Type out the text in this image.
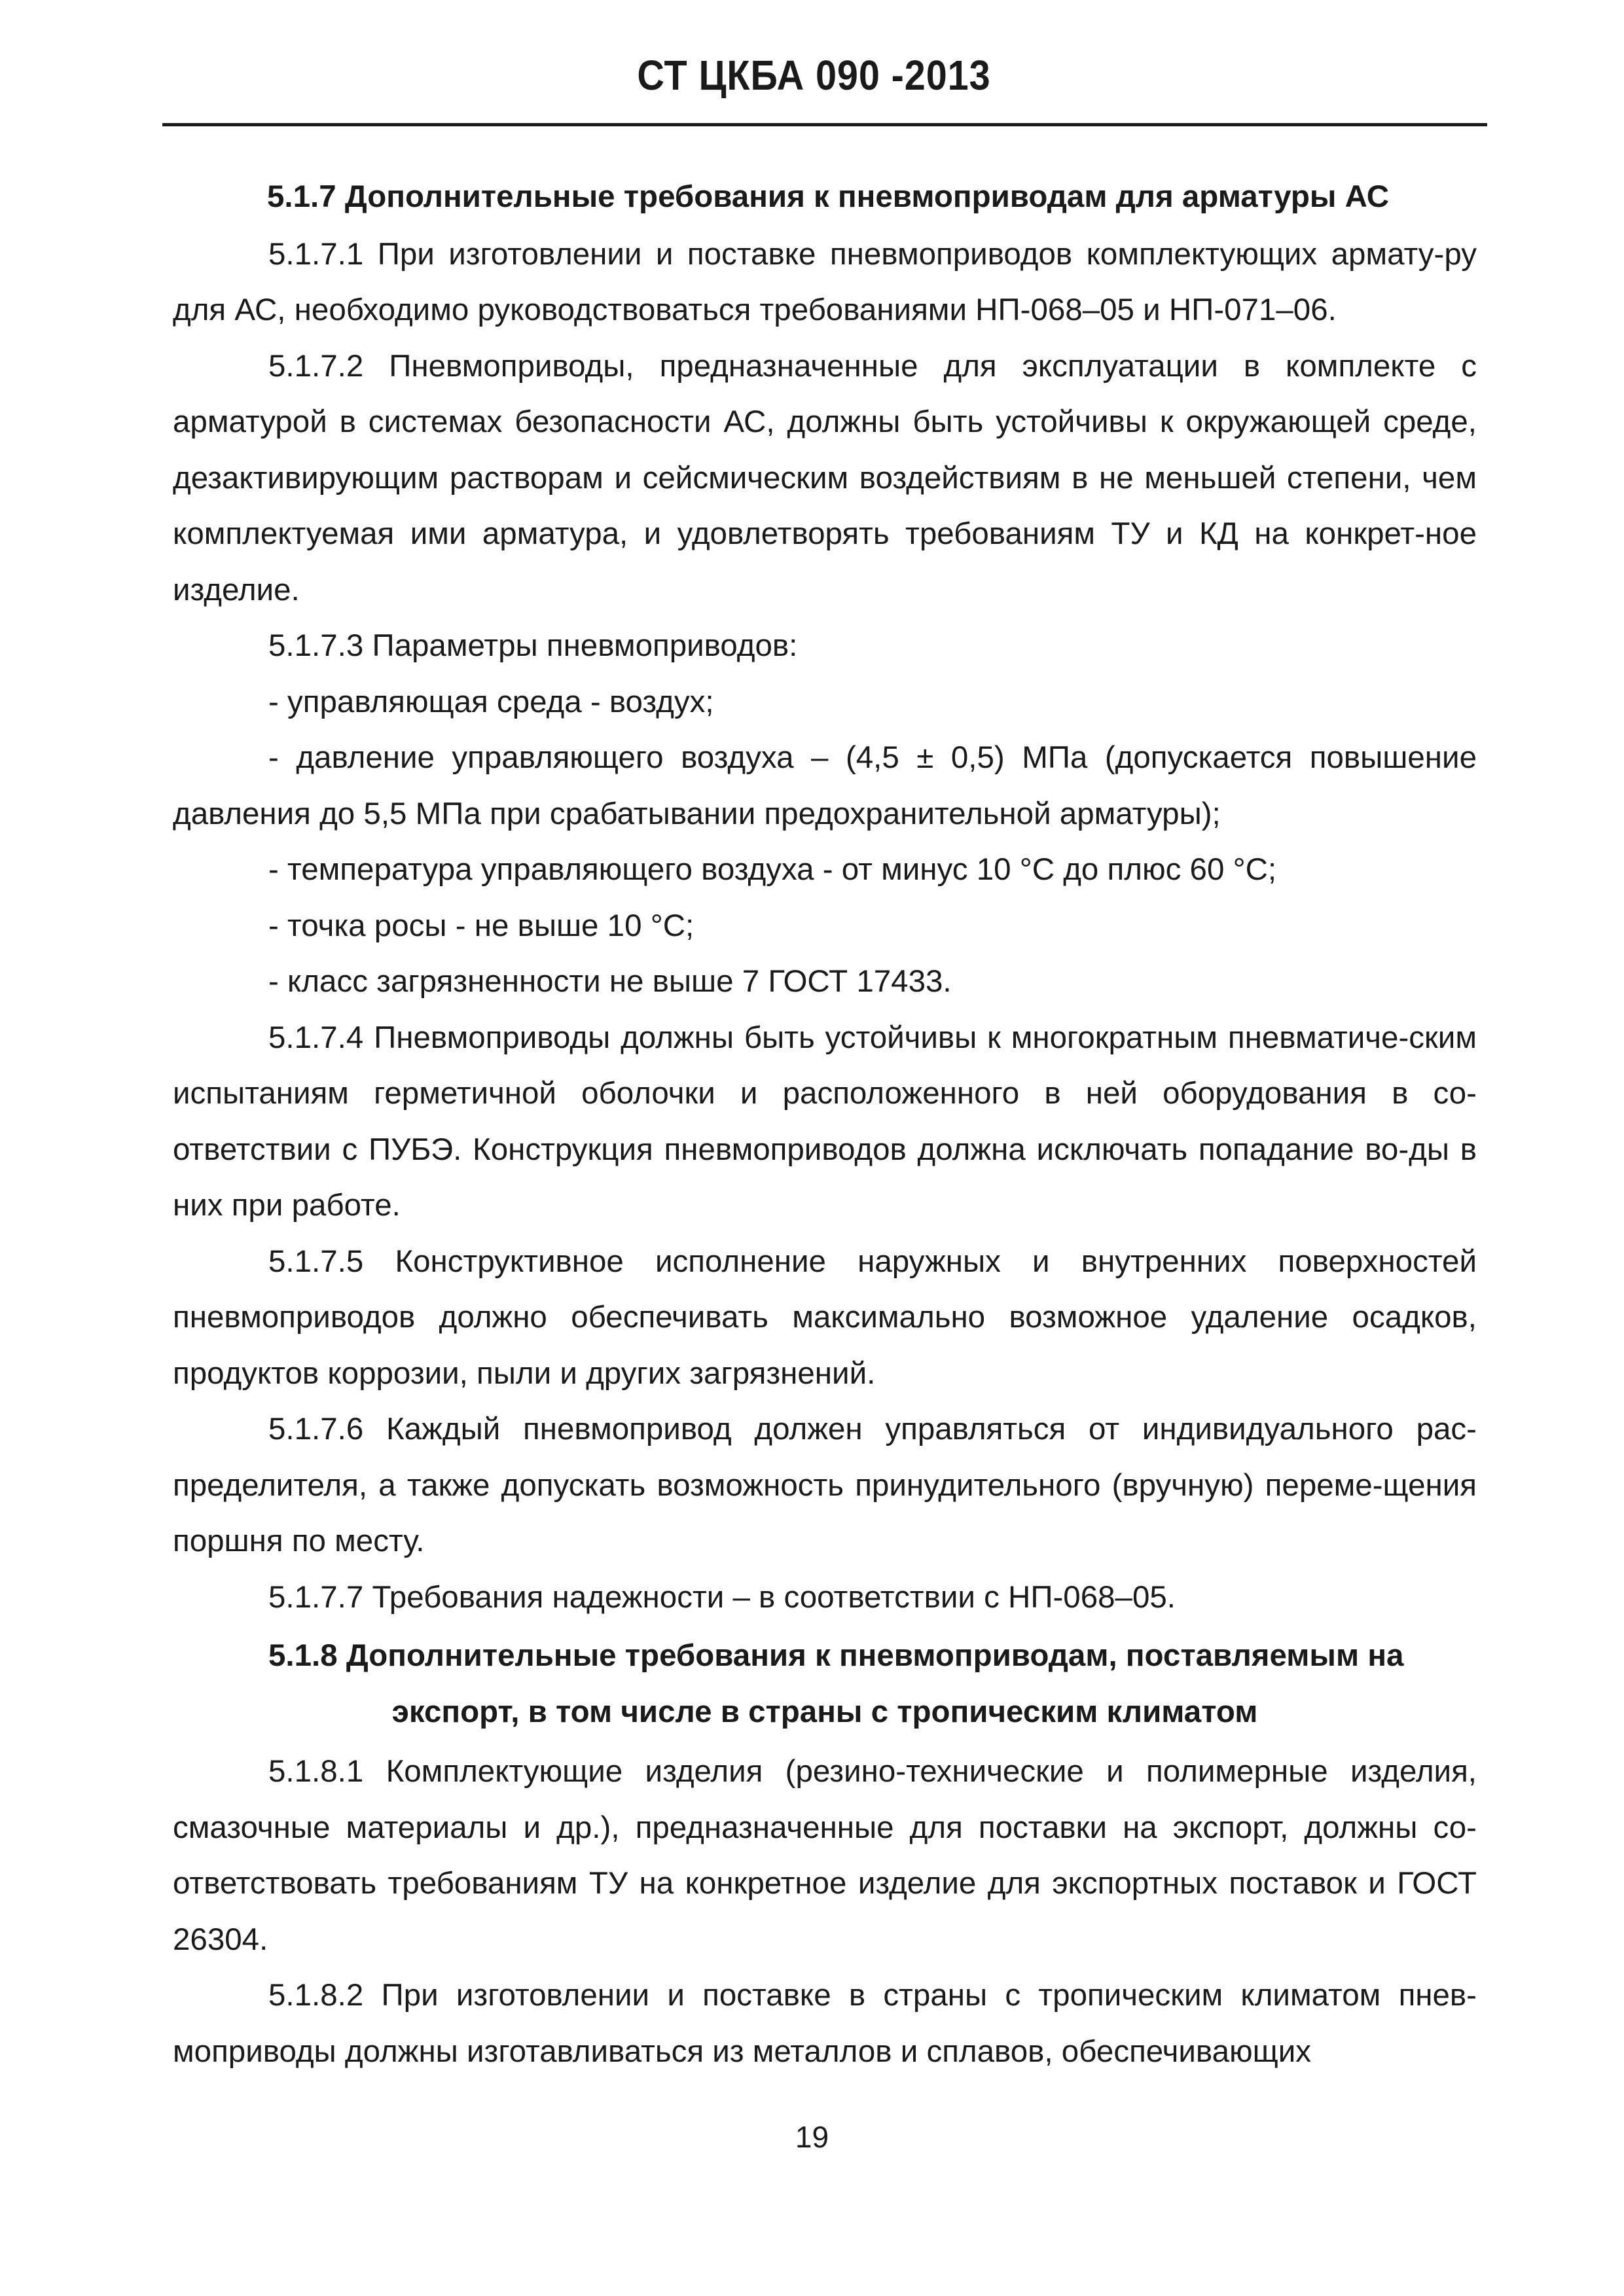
СТ ЦКБА 090 -2013

5.1.7 Дополнительные требования к пневмоприводам для арматуры АС

5.1.7.1 При изготовлении и поставке пневмоприводов комплектующих армату-ру для АС, необходимо руководствоваться требованиями НП-068–05 и НП-071–06.

5.1.7.2 Пневмоприводы, предназначенные для эксплуатации в комплекте с арматурой в системах безопасности АС, должны быть устойчивы к окружающей среде, дезактивирующим растворам и сейсмическим воздействиям в не меньшей степени, чем комплектуемая ими арматура, и удовлетворять требованиям ТУ и КД на конкрет-ное изделие.

5.1.7.3 Параметры пневмоприводов:

- управляющая среда - воздух;

- давление управляющего воздуха – (4,5 ± 0,5) МПа (допускается повышение давления до 5,5 МПа при срабатывании предохранительной арматуры);

- температура управляющего воздуха - от минус 10 °С до плюс 60 °С;

- точка росы - не выше 10 °С;

- класс загрязненности не выше 7 ГОСТ 17433.

5.1.7.4 Пневмоприводы должны быть устойчивы к многократным пневматиче-ским испытаниям герметичной оболочки и расположенного в ней оборудования в со-ответствии с ПУБЭ. Конструкция пневмоприводов должна исключать попадание во-ды в них при работе.

5.1.7.5 Конструктивное исполнение наружных и внутренних поверхностей пневмоприводов должно обеспечивать максимально возможное удаление осадков, продуктов коррозии, пыли и других загрязнений.

5.1.7.6 Каждый пневмопривод должен управляться от индивидуального рас-пределителя, а также допускать возможность принудительного (вручную) переме-щения поршня по месту.

5.1.7.7 Требования надежности – в соответствии с НП-068–05.

5.1.8 Дополнительные требования к пневмоприводам, поставляемым на

экспорт, в том числе в страны с тропическим климатом

5.1.8.1 Комплектующие изделия (резино-технические и полимерные изделия, смазочные материалы и др.), предназначенные для поставки на экспорт, должны со-ответствовать требованиям ТУ на конкретное изделие для экспортных поставок и ГОСТ 26304.

5.1.8.2 При изготовлении и поставке в страны с тропическим климатом пнев-моприводы должны изготавливаться из металлов и сплавов, обеспечивающих

19
